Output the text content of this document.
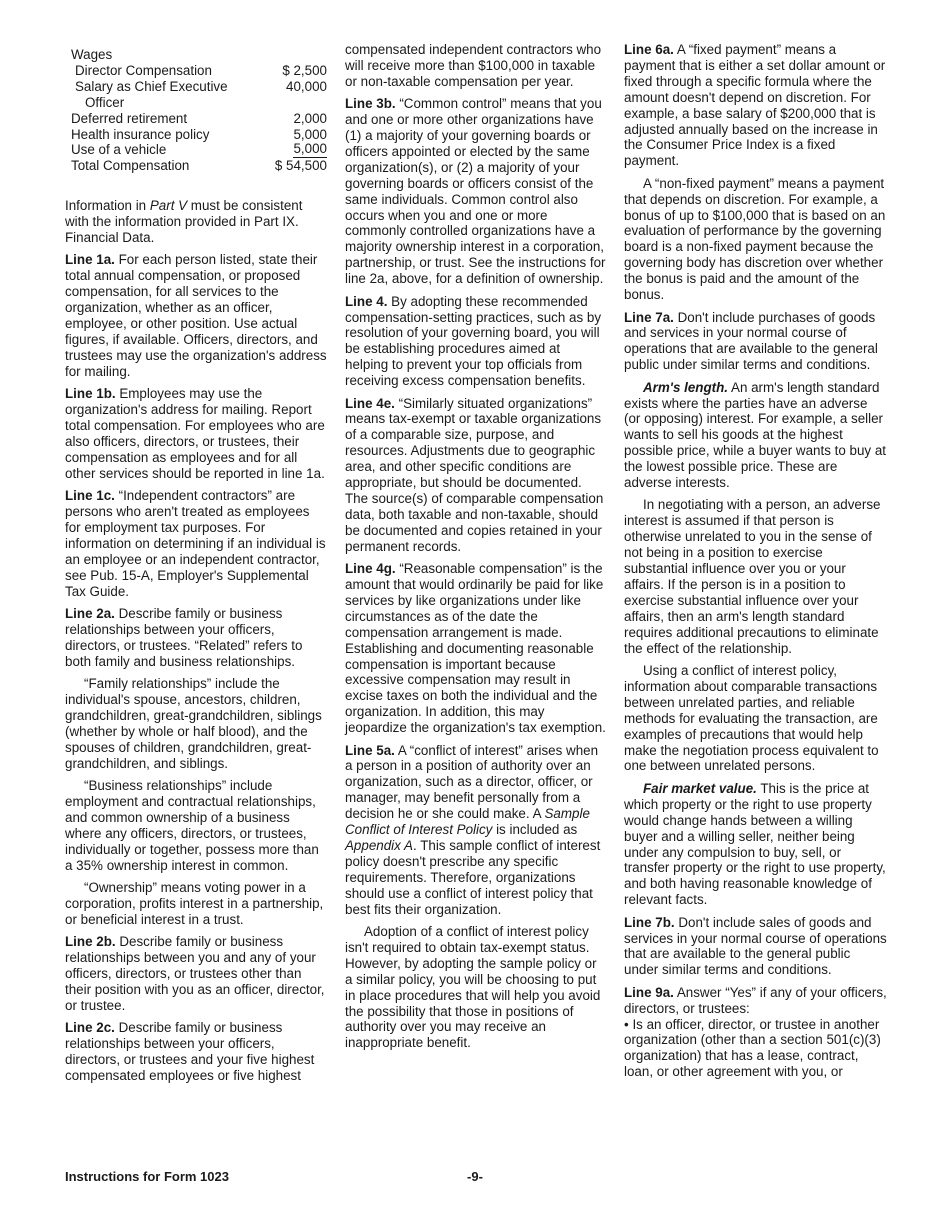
Wages
Director Compensation	$ 2,500
Salary as Chief Executive	40,000
Officer
Deferred retirement	2,000
Health insurance policy	5,000
Use of a vehicle	5,000
Total Compensation	$ 54,500

Information in Part V must be consistent with the information provided in Part IX. Financial Data.

Line 1a. For each person listed, state their total annual compensation, or proposed compensation, for all services to the organization, whether as an officer, employee, or other position. Use actual figures, if available. Officers, directors, and trustees may use the organization's address for mailing.

Line 1b. Employees may use the organization's address for mailing. Report total compensation. For employees who are also officers, directors, or trustees, their compensation as employees and for all other services should be reported in line 1a.

Line 1c. “Independent contractors” are persons who aren't treated as employees for employment tax purposes. For information on determining if an individual is an employee or an independent contractor, see Pub. 15-A, Employer's Supplemental Tax Guide.

Line 2a. Describe family or business relationships between your officers, directors, or trustees. “Related” refers to both family and business relationships.

“Family relationships” include the individual's spouse, ancestors, children, grandchildren, great-grandchildren, siblings (whether by whole or half blood), and the spouses of children, grandchildren, great-grandchildren, and siblings.

“Business relationships” include employment and contractual relationships, and common ownership of a business where any officers, directors, or trustees, individually or together, possess more than a 35% ownership interest in common.

“Ownership” means voting power in a corporation, profits interest in a partnership, or beneficial interest in a trust.

Line 2b. Describe family or business relationships between you and any of your officers, directors, or trustees other than their position with you as an officer, director, or trustee.

Line 2c. Describe family or business relationships between your officers, directors, or trustees and your five highest compensated employees or five highest

compensated independent contractors who will receive more than $100,000 in taxable or non-taxable compensation per year.

Line 3b. “Common control” means that you and one or more other organizations have (1) a majority of your governing boards or officers appointed or elected by the same organization(s), or (2) a majority of your governing boards or officers consist of the same individuals. Common control also occurs when you and one or more commonly controlled organizations have a majority ownership interest in a corporation, partnership, or trust. See the instructions for line 2a, above, for a definition of ownership.

Line 4. By adopting these recommended compensation-setting practices, such as by resolution of your governing board, you will be establishing procedures aimed at helping to prevent your top officials from receiving excess compensation benefits.

Line 4e. “Similarly situated organizations” means tax-exempt or taxable organizations of a comparable size, purpose, and resources. Adjustments due to geographic area, and other specific conditions are appropriate, but should be documented. The source(s) of comparable compensation data, both taxable and non-taxable, should be documented and copies retained in your permanent records.

Line 4g. “Reasonable compensation” is the amount that would ordinarily be paid for like services by like organizations under like circumstances as of the date the compensation arrangement is made. Establishing and documenting reasonable compensation is important because excessive compensation may result in excise taxes on both the individual and the organization. In addition, this may jeopardize the organization's tax exemption.

Line 5a. A “conflict of interest” arises when a person in a position of authority over an organization, such as a director, officer, or manager, may benefit personally from a decision he or she could make. A Sample Conflict of Interest Policy is included as Appendix A. This sample conflict of interest policy doesn't prescribe any specific requirements. Therefore, organizations should use a conflict of interest policy that best fits their organization.

Adoption of a conflict of interest policy isn't required to obtain tax-exempt status. However, by adopting the sample policy or a similar policy, you will be choosing to put in place procedures that will help you avoid the possibility that those in positions of authority over you may receive an inappropriate benefit.

Line 6a. A “fixed payment” means a payment that is either a set dollar amount or fixed through a specific formula where the amount doesn't depend on discretion. For example, a base salary of $200,000 that is adjusted annually based on the increase in the Consumer Price Index is a fixed payment.

A “non-fixed payment” means a payment that depends on discretion. For example, a bonus of up to $100,000 that is based on an evaluation of performance by the governing board is a non-fixed payment because the governing body has discretion over whether the bonus is paid and the amount of the bonus.

Line 7a. Don't include purchases of goods and services in your normal course of operations that are available to the general public under similar terms and conditions.

Arm's length. An arm's length standard exists where the parties have an adverse (or opposing) interest. For example, a seller wants to sell his goods at the highest possible price, while a buyer wants to buy at the lowest possible price. These are adverse interests.

In negotiating with a person, an adverse interest is assumed if that person is otherwise unrelated to you in the sense of not being in a position to exercise substantial influence over you or your affairs. If the person is in a position to exercise substantial influence over your affairs, then an arm's length standard requires additional precautions to eliminate the effect of the relationship.

Using a conflict of interest policy, information about comparable transactions between unrelated parties, and reliable methods for evaluating the transaction, are examples of precautions that would help make the negotiation process equivalent to one between unrelated persons.

Fair market value. This is the price at which property or the right to use property would change hands between a willing buyer and a willing seller, neither being under any compulsion to buy, sell, or transfer property or the right to use property, and both having reasonable knowledge of relevant facts.

Line 7b. Don't include sales of goods and services in your normal course of operations that are available to the general public under similar terms and conditions.

Line 9a. Answer “Yes” if any of your officers, directors, or trustees:

• Is an officer, director, or trustee in another organization (other than a section 501(c)(3) organization) that has a lease, contract, loan, or other agreement with you, or
Instructions for Form 1023	-9-
